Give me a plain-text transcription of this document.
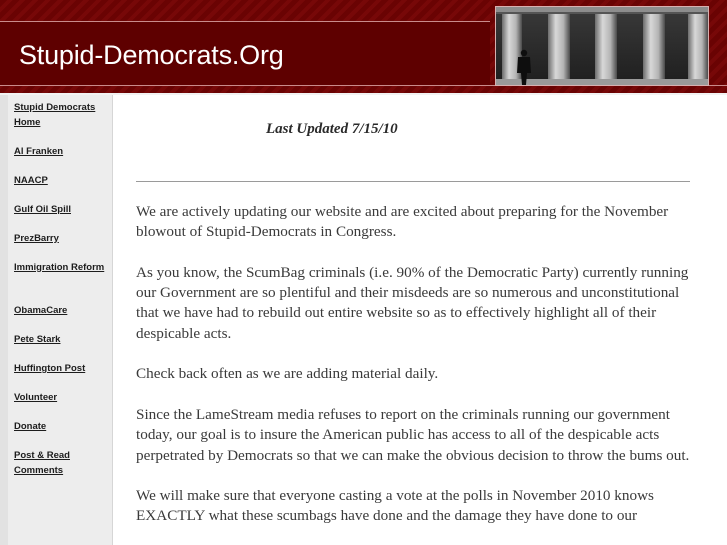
Stupid-Democrats.Org
Stupid Democrats Home
Al Franken
NAACP
Gulf Oil Spill
PrezBarry
Immigration Reform
ObamaCare
Pete Stark
Huffington Post
Volunteer
Donate
Post & Read Comments

Last Updated 7/15/10

We are actively updating our website and are excited about preparing for the November blowout of Stupid-Democrats in Congress.

As you know, the ScumBag criminals (i.e. 90% of the Democratic Party) currently running our Government are so plentiful and their misdeeds are so numerous and unconstitutional that we have had to rebuild out entire website so as to effectively highlight all of their despicable acts.

Check back often as we are adding material daily.

Since the LameStream media refuses to report on the criminals running our government today, our goal is to insure the American public has access to all of the despicable acts perpetrated by Democrats so that we can make the obvious decision to throw the bums out.

We will make sure that everyone casting a vote at the polls in November 2010 knows EXACTLY what these scumbags have done and the damage they have done to our
